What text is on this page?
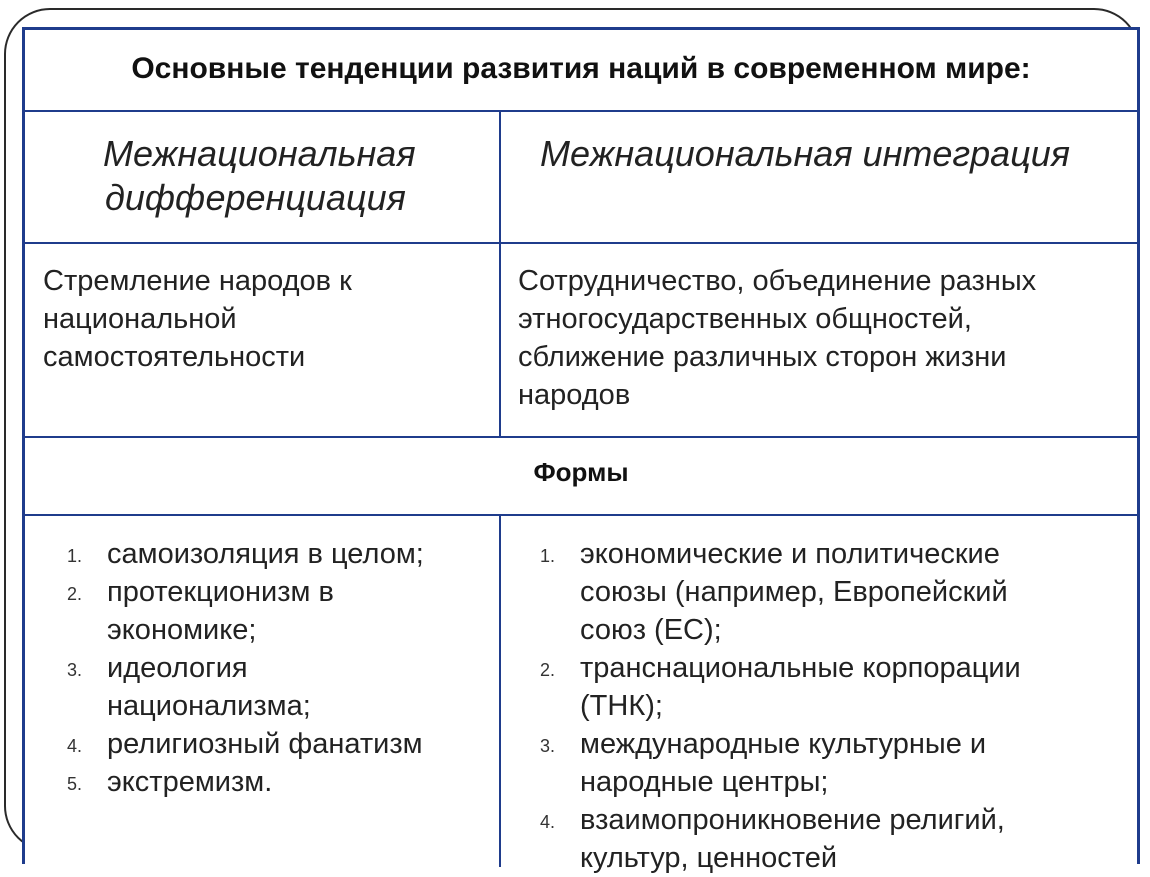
Основные тенденции развития наций в современном мире:
Межнациональная
дифференциация
Межнациональная интеграция
Стремление народов к
национальной
самостоятельности
Сотрудничество, объединение разных
этногосударственных общностей,
сближение различных сторон жизни
народов
Формы
1. самоизоляция в целом;
2. протекционизм в
экономике;
3. идеология
национализма;
4. религиозный фанатизм
5. экстремизм.
1. экономические и политические
союзы (например, Европейский
союз (ЕС);
2. транснациональные корпорации
(ТНК);
3. международные культурные и
народные центры;
4. взаимопроникновение религий,
культур, ценностей
